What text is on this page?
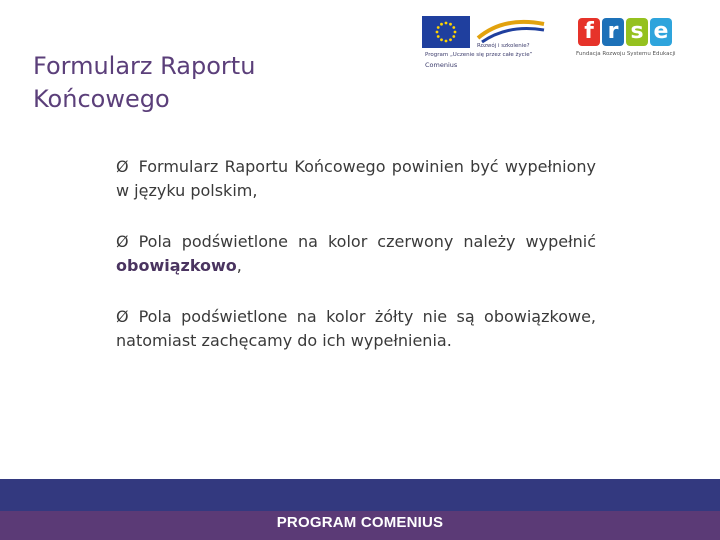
Formularz Raportu
Końcowego
Rozwój i szkolenie?
Program „Uczenie się przez całe życie”
Comenius
f r s e
Fundacja Rozwoju Systemu Edukacji

Ø Formularz Raportu Końcowego powinien być wypełniony w języku polskim,

Ø Pola podświetlone na kolor czerwony należy wypełnić obowiązkowo,

Ø Pola podświetlone na kolor żółty nie są obowiązkowe, natomiast zachęcamy do ich wypełnienia.

PROGRAM COMENIUS
